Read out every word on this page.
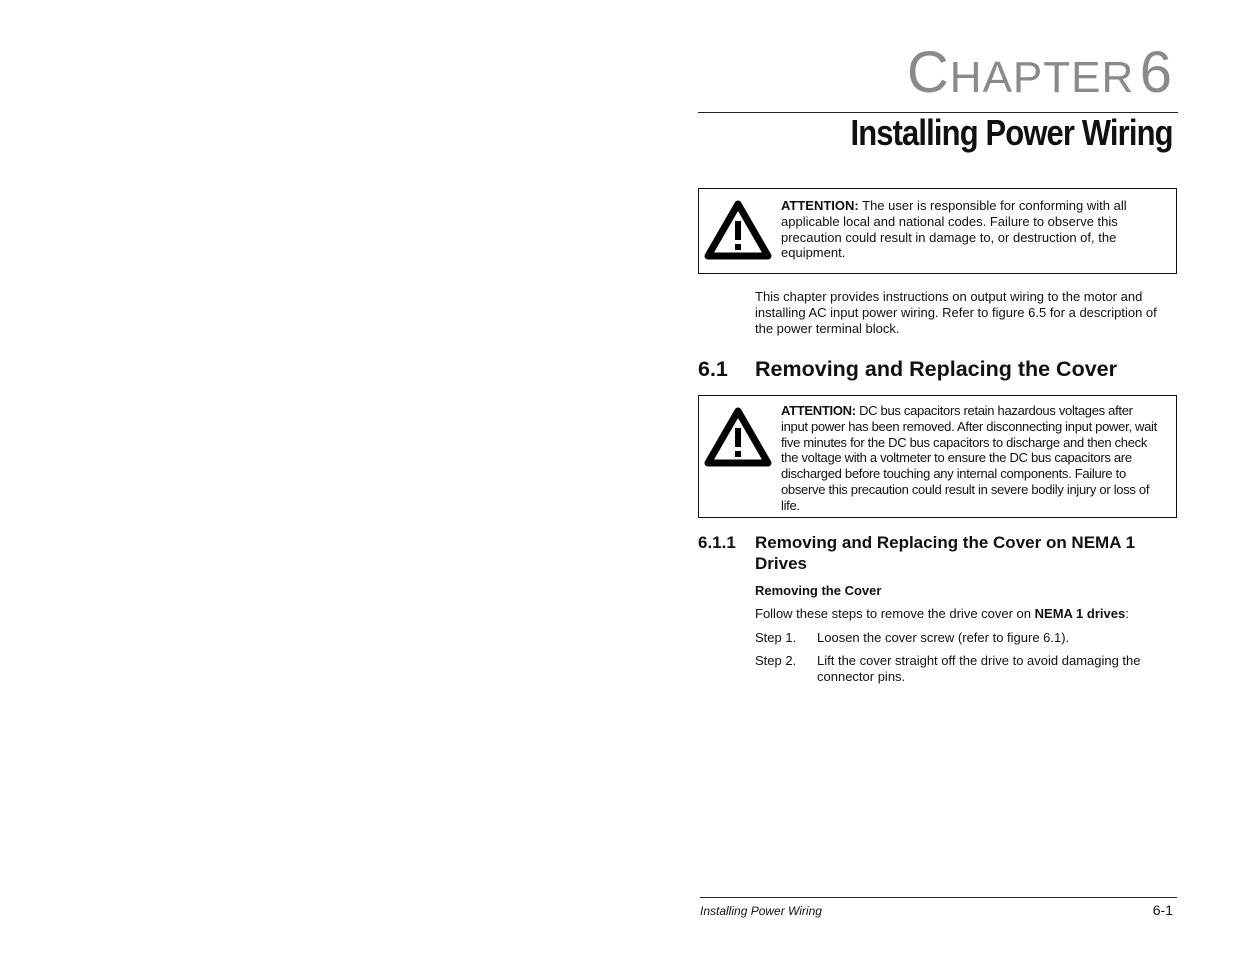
CHAPTER 6
Installing Power Wiring
ATTENTION: The user is responsible for conforming with all applicable local and national codes. Failure to observe this precaution could result in damage to, or destruction of, the equipment.
This chapter provides instructions on output wiring to the motor and installing AC input power wiring. Refer to figure 6.5 for a description of the power terminal block.
6.1 Removing and Replacing the Cover
ATTENTION: DC bus capacitors retain hazardous voltages after input power has been removed. After disconnecting input power, wait five minutes for the DC bus capacitors to discharge and then check the voltage with a voltmeter to ensure the DC bus capacitors are discharged before touching any internal components. Failure to observe this precaution could result in severe bodily injury or loss of life.
6.1.1 Removing and Replacing the Cover on NEMA 1 Drives
Removing the Cover
Follow these steps to remove the drive cover on NEMA 1 drives:
Step 1. Loosen the cover screw (refer to figure 6.1).
Step 2. Lift the cover straight off the drive to avoid damaging the connector pins.
Installing Power Wiring	6-1
